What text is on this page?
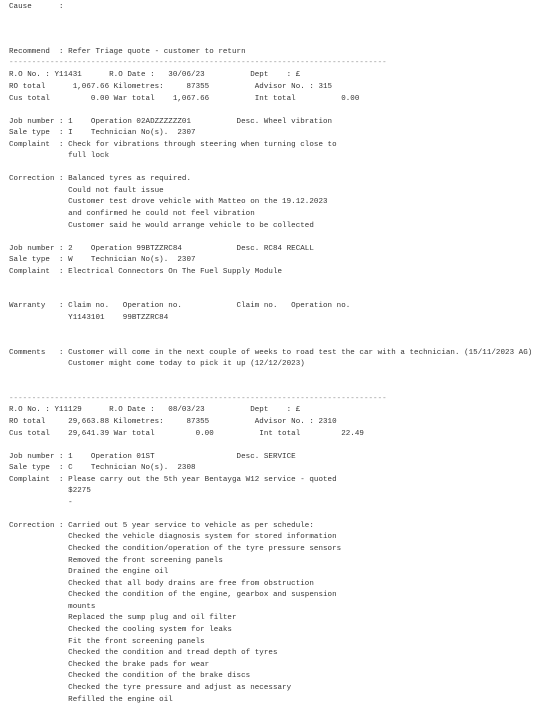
Cause      :
Recommend  : Refer Triage quote - customer to return
-----------------------------------------------------------------------------------
R.O No. : Y11431      R.O Date :   30/06/23          Dept    : £
RO total      1,067.66 Kilometres:     87355          Advisor No. : 315
Cus total         0.00 War total    1,067.66          Int total          0.00
Job number : 1    Operation 02ADZZZZZZ01          Desc. Wheel vibration
Sale type  : I    Technician No(s).  2307
Complaint  : Check for vibrations through steering when turning close to
full lock
Correction : Balanced tyres as required.
Could not fault issue
Customer test drove vehicle with Matteo on the 19.12.2023
and confirmed he could not feel vibration
Customer said he would arrange vehicle to be collected
Job number : 2    Operation 99BTZZRC84            Desc. RC84 RECALL
Sale type  : W    Technician No(s).  2307
Complaint  : Electrical Connectors On The Fuel Supply Module
Warranty   : Claim no.   Operation no.            Claim no.   Operation no.
Y1143101    99BTZZRC84
Comments   : Customer will come in the next couple of weeks to road test the car with a technician. (15/11/2023 AG)
Customer might come today to pick it up (12/12/2023)
-----------------------------------------------------------------------------------
R.O No. : Y11129      R.O Date :   08/03/23          Dept    : £
RO total     29,663.88 Kilometres:     87355          Advisor No. : 2310
Cus total    29,641.39 War total         0.00          Int total         22.49
Job number : 1    Operation 01ST                  Desc. SERVICE
Sale type  : C    Technician No(s).  2308
Complaint  : Please carry out the 5th year Bentayga W12 service - quoted
$2275
-
Correction : Carried out 5 year service to vehicle as per schedule:
Checked the vehicle diagnosis system for stored information
Checked the condition/operation of the tyre pressure sensors
Removed the front screening panels
Drained the engine oil
Checked that all body drains are free from obstruction
Checked the condition of the engine, gearbox and suspension
mounts
Replaced the sump plug and oil filter
Checked the cooling system for leaks
Fit the front screening panels
Checked the condition and tread depth of tyres
Checked the brake pads for wear
Checked the condition of the brake discs
Checked the tyre pressure and adjust as necessary
Refilled the engine oil
